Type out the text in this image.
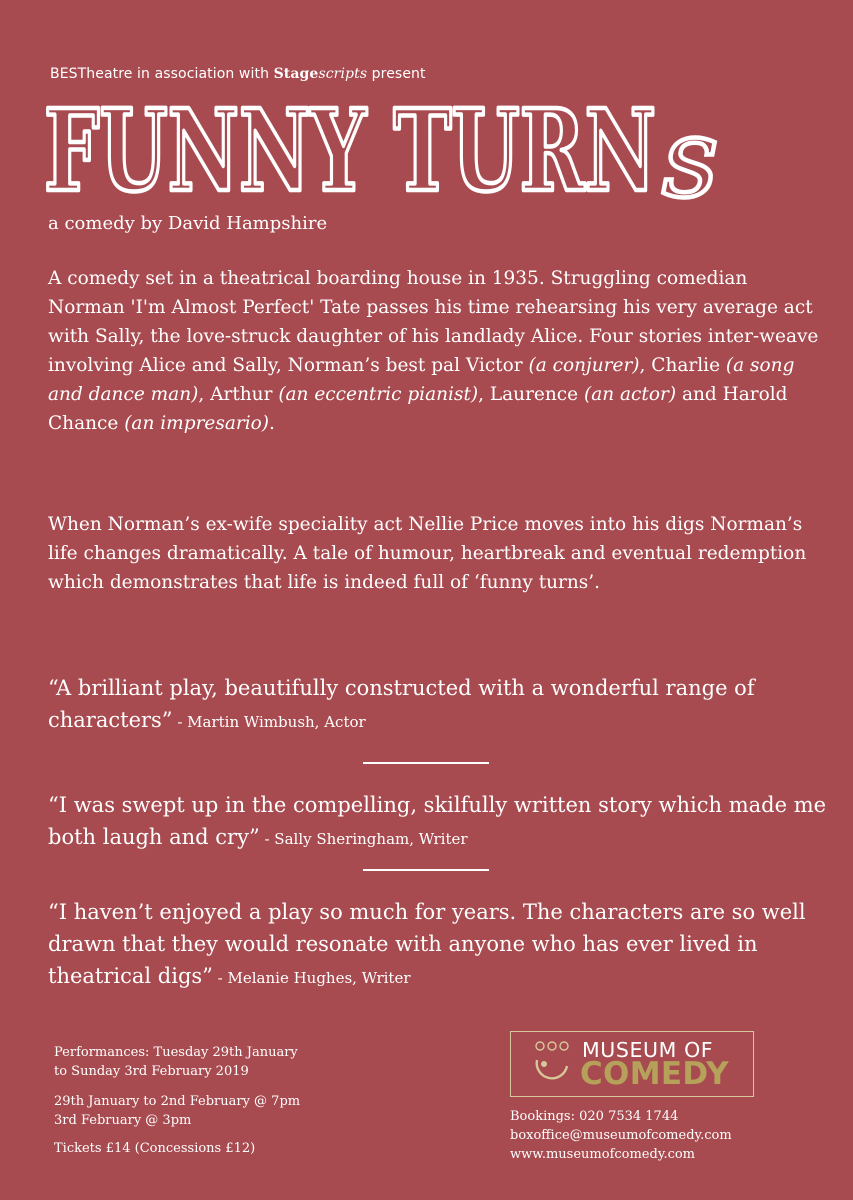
BESTheatre in association with Stagescripts present
FUNNY TURN s
a comedy by David Hampshire
A comedy set in a theatrical boarding house in 1935. Struggling comedian Norman 'I'm Almost Perfect' Tate passes his time rehearsing his very average act with Sally, the love-struck daughter of his landlady Alice. Four stories inter-weave involving Alice and Sally, Norman’s best pal Victor (a conjurer), Charlie (a song and dance man), Arthur (an eccentric pianist), Laurence (an actor) and Harold Chance (an impresario).
When Norman’s ex-wife speciality act Nellie Price moves into his digs Norman’s life changes dramatically. A tale of humour, heartbreak and eventual redemption which demonstrates that life is indeed full of ‘funny turns’.
“A brilliant play, beautifully constructed with a wonderful range of characters” - Martin Wimbush, Actor
“I was swept up in the compelling, skilfully written story which made me both laugh and cry” - Sally Sheringham, Writer
“I haven’t enjoyed a play so much for years. The characters are so well drawn that they would resonate with anyone who has ever lived in theatrical digs” - Melanie Hughes, Writer
Performances: Tuesday 29th January
to Sunday 3rd February 2019
29th January to 2nd February @ 7pm
3rd February @ 3pm
Tickets £14 (Concessions £12)
MUSEUM OF
COMEDY
Bookings: 020 7534 1744
boxoffice@museumofcomedy.com
www.museumofcomedy.com
